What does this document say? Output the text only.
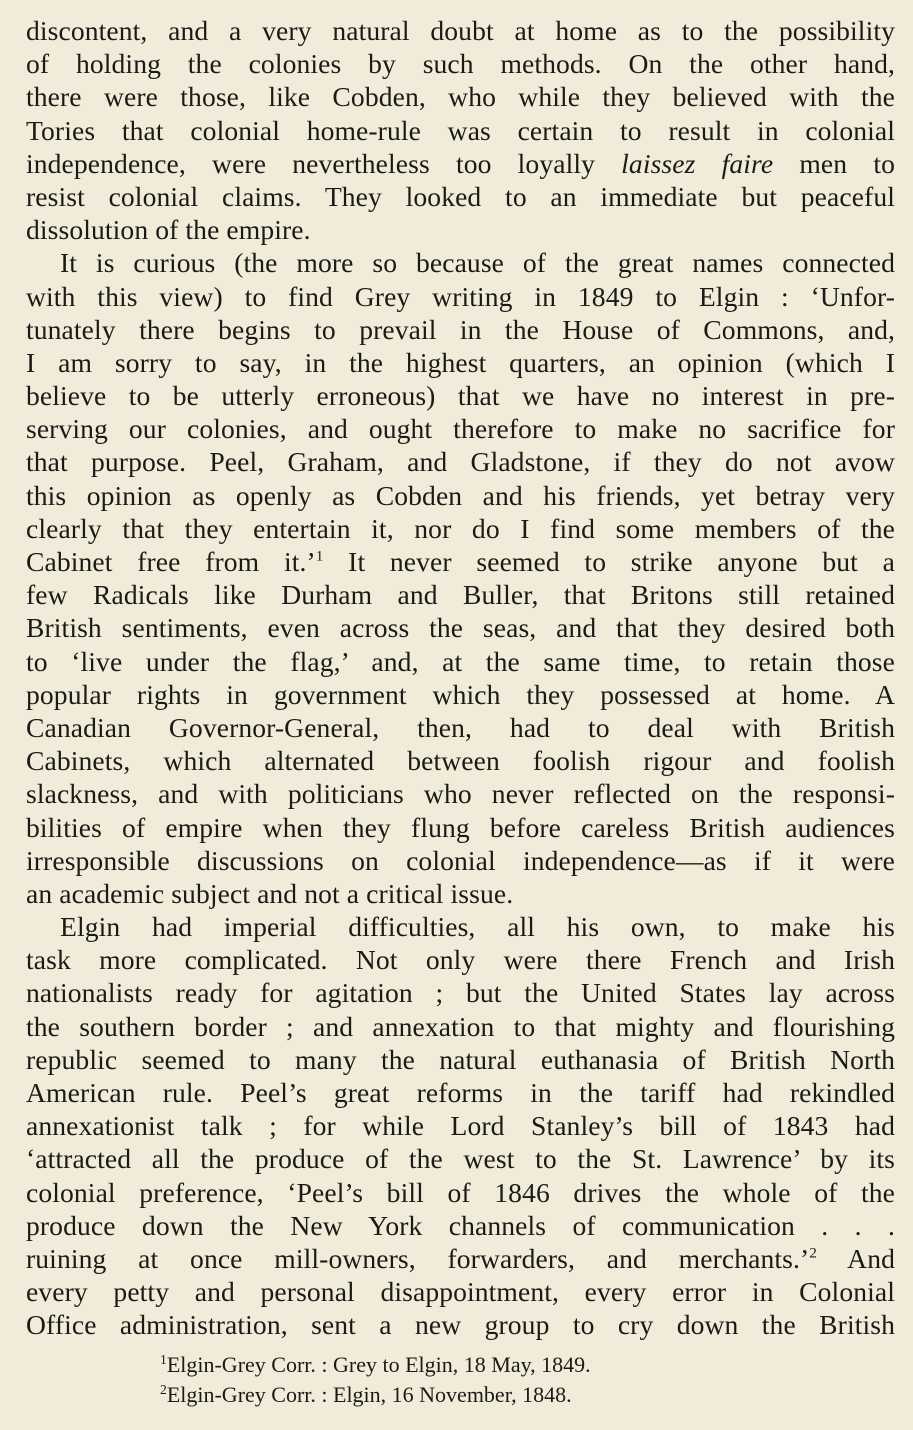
discontent, and a very natural doubt at home as to the possibility
of holding the colonies by such methods. On the other hand,
there were those, like Cobden, who while they believed with the
Tories that colonial home-rule was certain to result in colonial
independence, were nevertheless too loyally laissez faire men to
resist colonial claims. They looked to an immediate but peaceful
dissolution of the empire.
It is curious (the more so because of the great names connected
with this view) to find Grey writing in 1849 to Elgin : ‘Unfor-
tunately there begins to prevail in the House of Commons, and,
I am sorry to say, in the highest quarters, an opinion (which I
believe to be utterly erroneous) that we have no interest in pre-
serving our colonies, and ought therefore to make no sacrifice for
that purpose. Peel, Graham, and Gladstone, if they do not avow
this opinion as openly as Cobden and his friends, yet betray very
clearly that they entertain it, nor do I find some members of the
Cabinet free from it.’$^1$ It never seemed to strike anyone but a
few Radicals like Durham and Buller, that Britons still retained
British sentiments, even across the seas, and that they desired both
to ‘live under the flag,’ and, at the same time, to retain those
popular rights in government which they possessed at home. A
Canadian Governor-General, then, had to deal with British
Cabinets, which alternated between foolish rigour and foolish
slackness, and with politicians who never reflected on the responsi-
bilities of empire when they flung before careless British audiences
irresponsible discussions on colonial independence—as if it were
an academic subject and not a critical issue.
Elgin had imperial difficulties, all his own, to make his
task more complicated. Not only were there French and Irish
nationalists ready for agitation ; but the United States lay across
the southern border ; and annexation to that mighty and flourishing
republic seemed to many the natural euthanasia of British North
American rule. Peel’s great reforms in the tariff had rekindled
annexationist talk ; for while Lord Stanley’s bill of 1843 had
‘attracted all the produce of the west to the St. Lawrence’ by its
colonial preference, ‘Peel’s bill of 1846 drives the whole of the
produce down the New York channels of communication . . .
ruining at once mill-owners, forwarders, and merchants.’$^2$ And
every petty and personal disappointment, every error in Colonial
Office administration, sent a new group to cry down the British
$^1$Elgin-Grey Corr. : Grey to Elgin, 18 May, 1849.
$^2$Elgin-Grey Corr. : Elgin, 16 November, 1848.
